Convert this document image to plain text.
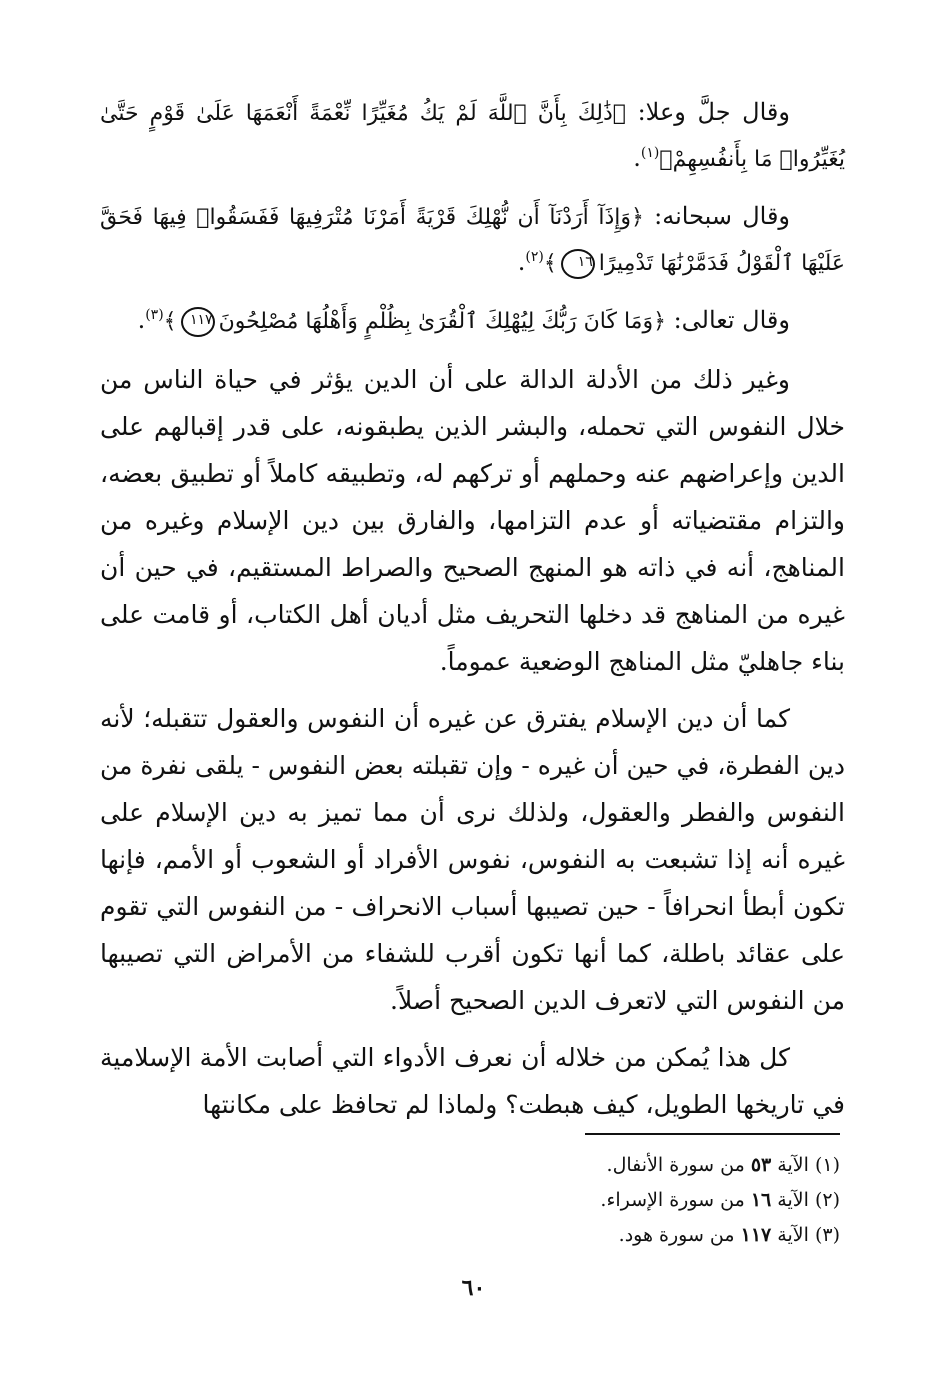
وقال جلَّ وعلا: ﴿ذَٰلِكَ بِأَنَّ ٱللَّهَ لَمْ يَكُ مُغَيِّرًا نِّعْمَةً أَنْعَمَهَا عَلَىٰ قَوْمٍ حَتَّىٰ يُغَيِّرُوا۟ مَا بِأَنفُسِهِمْ﴾$^{(١)}$.

وقال سبحانه: ﴿وَإِذَآ أَرَدْنَآ أَن نُّهْلِكَ قَرْيَةً أَمَرْنَا مُتْرَفِيهَا فَفَسَقُوا۟ فِيهَا فَحَقَّ عَلَيْهَا ٱلْقَوْلُ فَدَمَّرْنَٰهَا تَدْمِيرًا١٦﴾$^{(٢)}$.

وقال تعالى: ﴿وَمَا كَانَ رَبُّكَ لِيُهْلِكَ ٱلْقُرَىٰ بِظُلْمٍ وَأَهْلُهَا مُصْلِحُونَ١١٧﴾$^{(٣)}$.

وغير ذلك من الأدلة الدالة على أن الدين يؤثر في حياة الناس من خلال النفوس التي تحمله، والبشر الذين يطبقونه، على قدر إقبالهم على الدين وإعراضهم عنه وحملهم أو تركهم له، وتطبيقه كاملاً أو تطبيق بعضه، والتزام مقتضياته أو عدم التزامها، والفارق بين دين الإسلام وغيره من المناهج، أنه في ذاته هو المنهج الصحيح والصراط المستقيم، في حين أن غيره من المناهج قد دخلها التحريف مثل أديان أهل الكتاب، أو قامت على بناء جاهليّ مثل المناهج الوضعية عموماً.

كما أن دين الإسلام يفترق عن غيره أن النفوس والعقول تتقبله؛ لأنه دين الفطرة، في حين أن غيره - وإن تقبلته بعض النفوس - يلقى نفرة من النفوس والفطر والعقول، ولذلك نرى أن مما تميز به دين الإسلام على غيره أنه إذا تشبعت به النفوس، نفوس الأفراد أو الشعوب أو الأمم، فإنها تكون أبطأ انحرافاً - حين تصيبها أسباب الانحراف - من النفوس التي تقوم على عقائد باطلة، كما أنها تكون أقرب للشفاء من الأمراض التي تصيبها من النفوس التي لاتعرف الدين الصحيح أصلاً.

كل هذا يُمكن من خلاله أن نعرف الأدواء التي أصابت الأمة الإسلامية في تاريخها الطويل، كيف هبطت؟ ولماذا لم تحافظ على مكانتها

(١) الآية ٥٣ من سورة الأنفال.

(٢) الآية ١٦ من سورة الإسراء.

(٣) الآية ١١٧ من سورة هود.

٦٠
